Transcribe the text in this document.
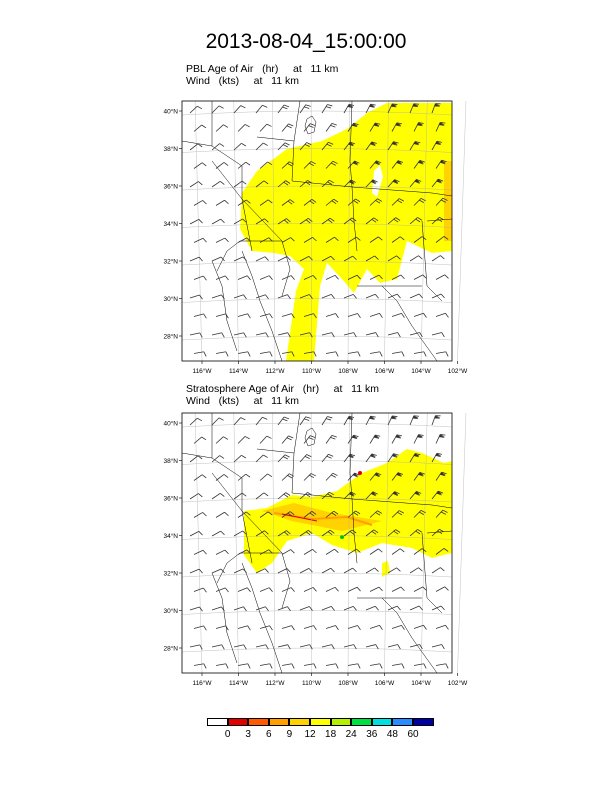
2013-08-04_15:00:00
PBL Age of Air   (hr)     at   11 km
Wind   (kts)     at   11 km
40°N
38°N
36°N
34°N
32°N
30°N
28°N
116°W	114°W	112°W	110°W	108°W	106°W	104°W	102°W
Stratosphere Age of Air   (hr)     at   11 km
Wind   (kts)     at   11 km
40°N
38°N
36°N
34°N
32°N
30°N
28°N
116°W	114°W	112°W	110°W	108°W	106°W	104°W	102°W
0	3	6	9	12 18 24 36 48 60
